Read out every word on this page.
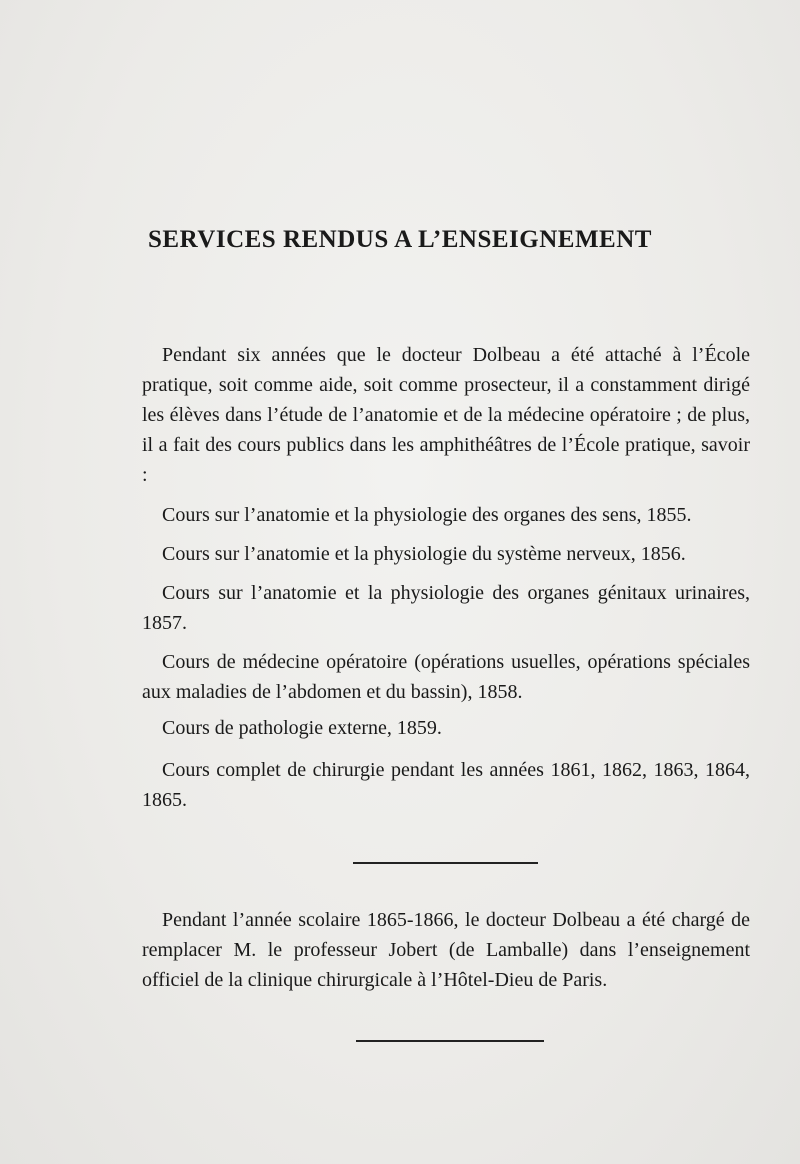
SERVICES RENDUS A L’ENSEIGNEMENT

Pendant six années que le docteur Dolbeau a été attaché à l’École pratique, soit comme aide, soit comme prosecteur, il a constamment dirigé les élèves dans l’étude de l’anatomie et de la médecine opératoire ; de plus, il a fait des cours publics dans les amphithéâtres de l’École pratique, savoir :

Cours sur l’anatomie et la physiologie des organes des sens, 1855.

Cours sur l’anatomie et la physiologie du système nerveux, 1856.

Cours sur l’anatomie et la physiologie des organes génitaux urinaires, 1857.

Cours de médecine opératoire (opérations usuelles, opérations spéciales aux maladies de l’abdomen et du bassin), 1858.

Cours de pathologie externe, 1859.

Cours complet de chirurgie pendant les années 1861, 1862, 1863, 1864, 1865.

Pendant l’année scolaire 1865-1866, le docteur Dolbeau a été chargé de remplacer M. le professeur Jobert (de Lamballe) dans l’enseignement officiel de la clinique chirurgicale à l’Hôtel-Dieu de Paris.
